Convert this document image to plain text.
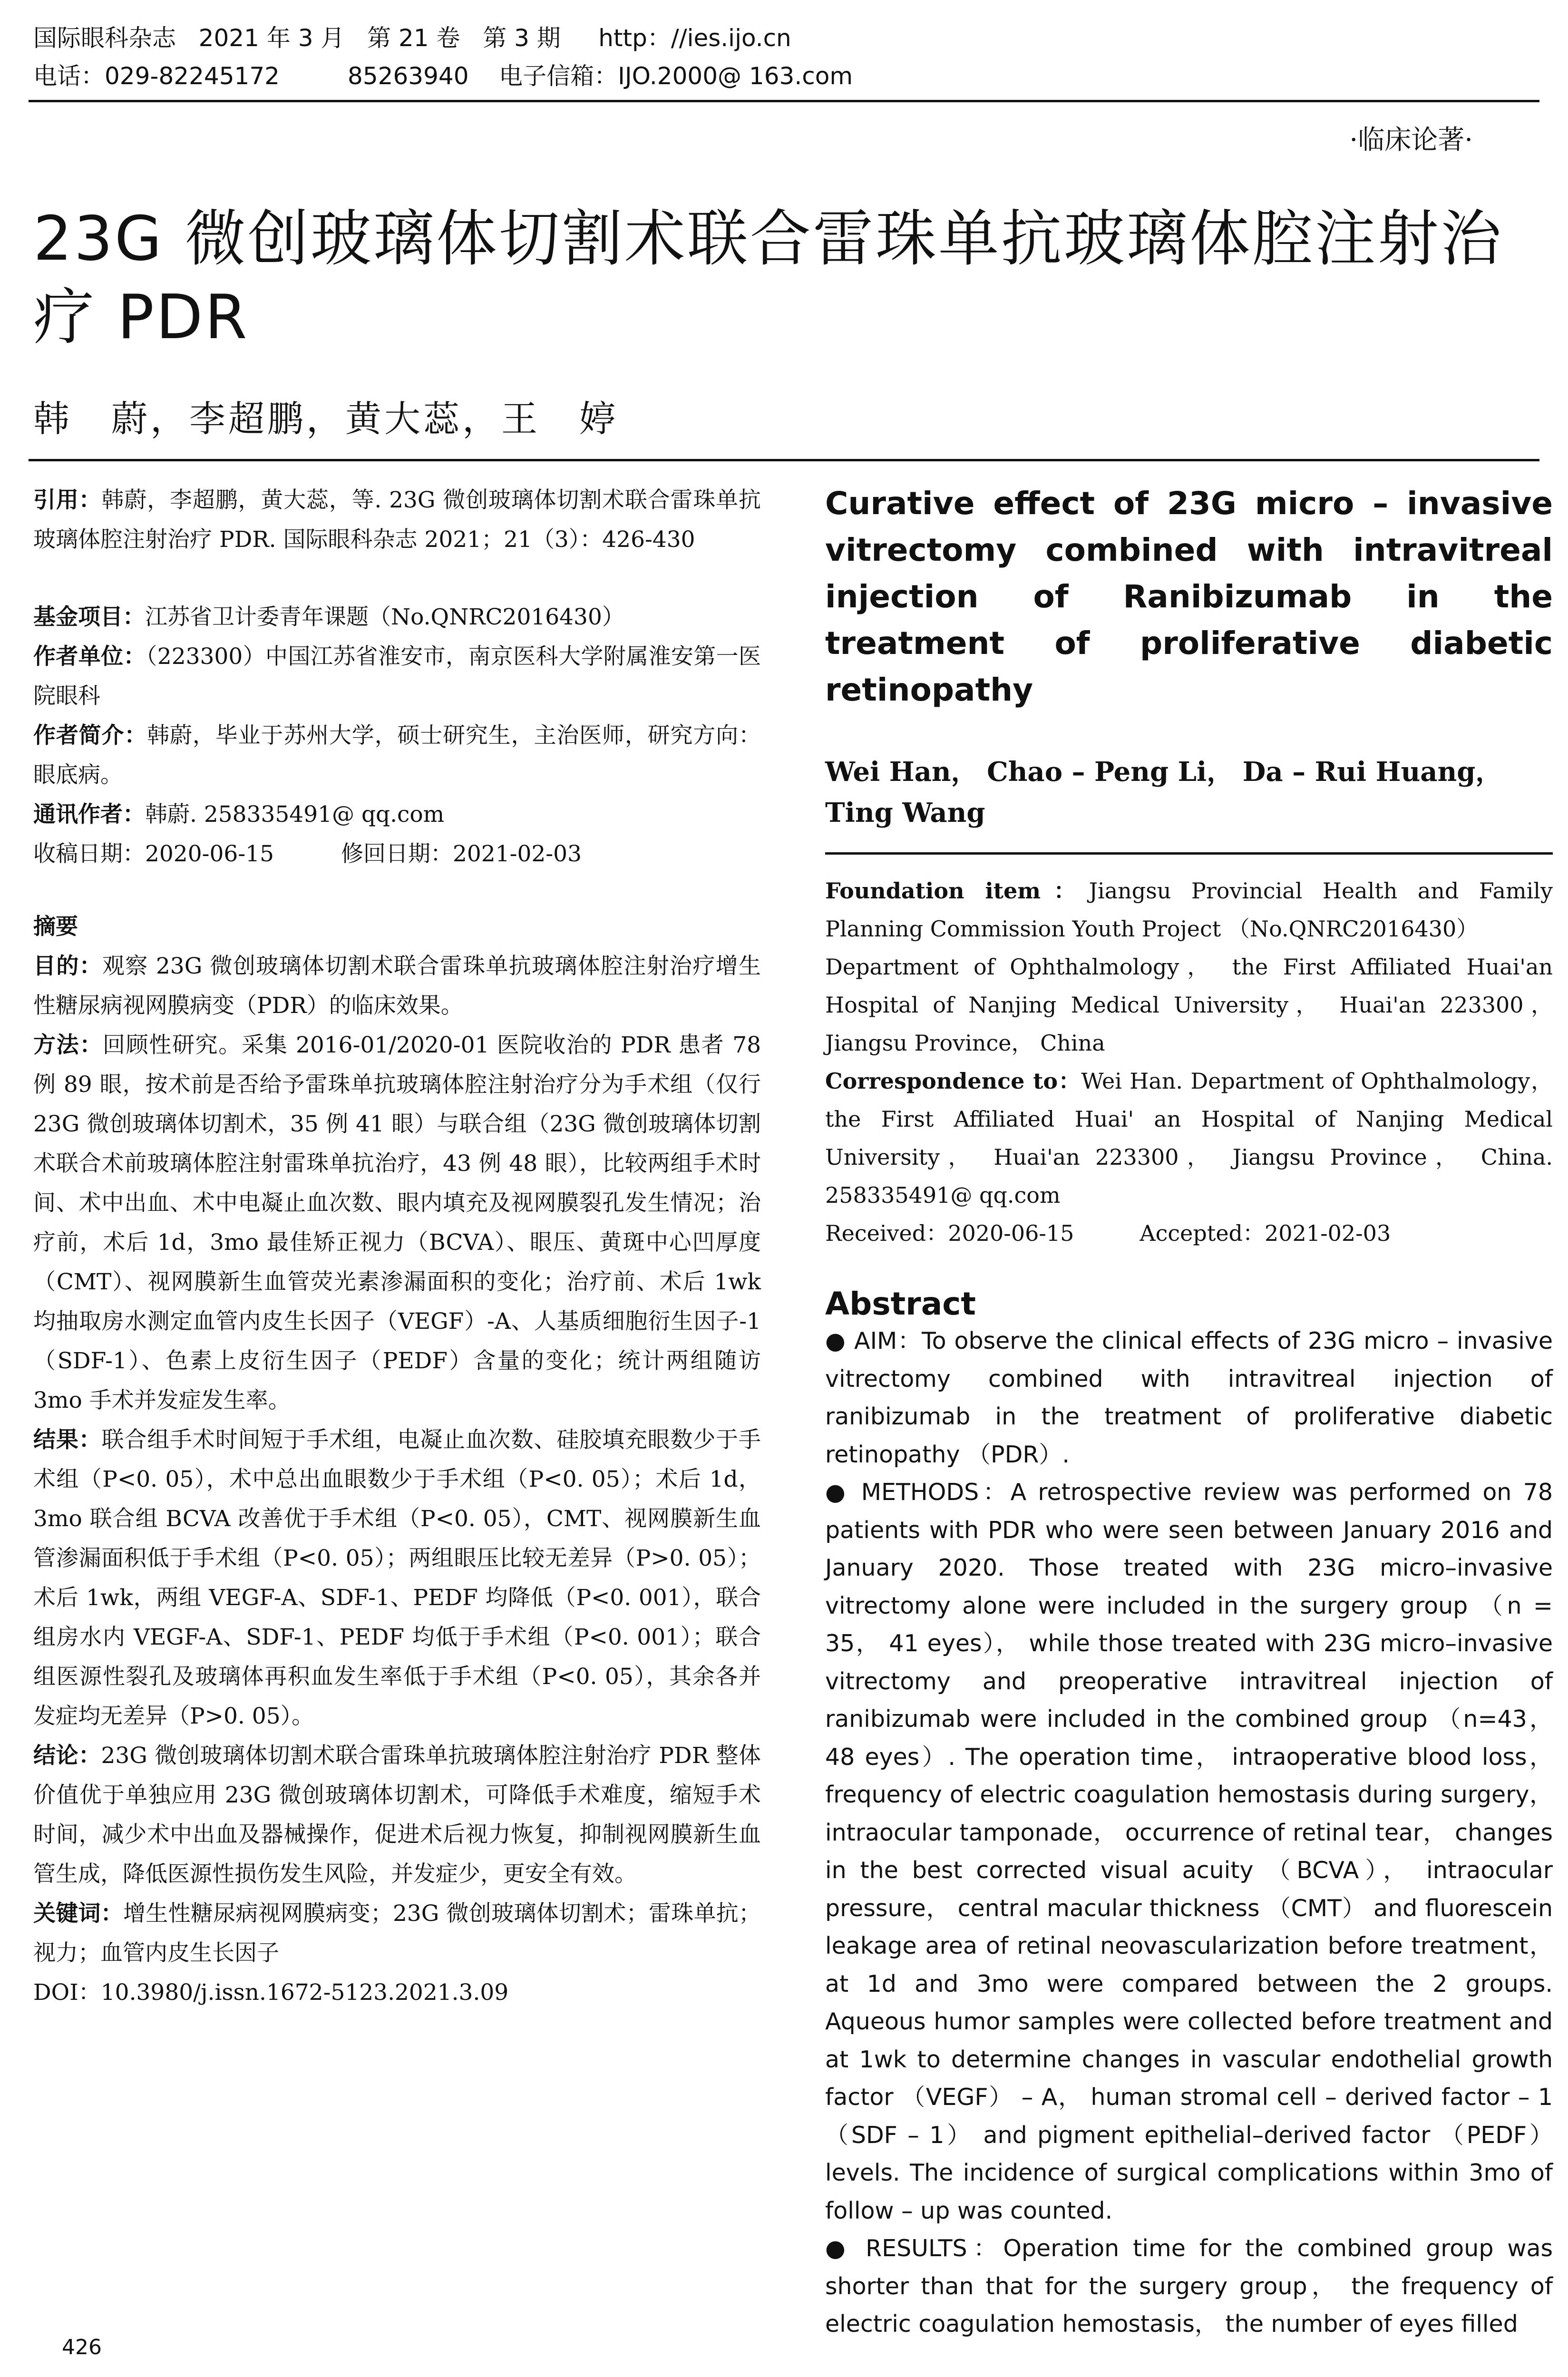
国际眼科杂志   2021 年 3 月   第 21 卷   第 3 期     http：//ies.ijo.cn
电话：029-82245172         85263940    电子信箱：IJO.2000@ 163.com
·临床论著·
23G 微创玻璃体切割术联合雷珠单抗玻璃体腔注射治疗 PDR
韩　蔚，李超鹏，黄大蕊，王　婷

引用：韩蔚，李超鹏，黄大蕊，等. 23G 微创玻璃体切割术联合雷珠单抗玻璃体腔注射治疗 PDR. 国际眼科杂志 2021；21（3）：426-430

基金项目：江苏省卫计委青年课题（No.QNRC2016430）

作者单位：（223300）中国江苏省淮安市，南京医科大学附属淮安第一医院眼科

作者简介：韩蔚，毕业于苏州大学，硕士研究生，主治医师，研究方向：眼底病。

通讯作者：韩蔚. 258335491@ qq.com

收稿日期：2020-06-15　　　修回日期：2021-02-03

摘要

目的：观察 23G 微创玻璃体切割术联合雷珠单抗玻璃体腔注射治疗增生性糖尿病视网膜病变（PDR）的临床效果。

方法：回顾性研究。采集 2016-01/2020-01 医院收治的 PDR 患者 78 例 89 眼，按术前是否给予雷珠单抗玻璃体腔注射治疗分为手术组（仅行 23G 微创玻璃体切割术，35 例 41 眼）与联合组（23G 微创玻璃体切割术联合术前玻璃体腔注射雷珠单抗治疗，43 例 48 眼），比较两组手术时间、术中出血、术中电凝止血次数、眼内填充及视网膜裂孔发生情况；治疗前，术后 1d，3mo 最佳矫正视力（BCVA）、眼压、黄斑中心凹厚度（CMT）、视网膜新生血管荧光素渗漏面积的变化；治疗前、术后 1wk 均抽取房水测定血管内皮生长因子（VEGF）-A、人基质细胞衍生因子-1（SDF-1）、色素上皮衍生因子（PEDF）含量的变化；统计两组随访 3mo 手术并发症发生率。

结果：联合组手术时间短于手术组，电凝止血次数、硅胶填充眼数少于手术组（P<0. 05），术中总出血眼数少于手术组（P<0. 05）；术后 1d，3mo 联合组 BCVA 改善优于手术组（P<0. 05），CMT、视网膜新生血管渗漏面积低于手术组（P<0. 05）；两组眼压比较无差异（P>0. 05）；术后 1wk，两组 VEGF-A、SDF-1、PEDF 均降低（P<0. 001），联合组房水内 VEGF-A、SDF-1、PEDF 均低于手术组（P<0. 001）；联合组医源性裂孔及玻璃体再积血发生率低于手术组（P<0. 05），其余各并发症均无差异（P>0. 05）。

结论：23G 微创玻璃体切割术联合雷珠单抗玻璃体腔注射治疗 PDR 整体价值优于单独应用 23G 微创玻璃体切割术，可降低手术难度，缩短手术时间，减少术中出血及器械操作，促进术后视力恢复，抑制视网膜新生血管生成，降低医源性损伤发生风险，并发症少，更安全有效。

关键词：增生性糖尿病视网膜病变；23G 微创玻璃体切割术；雷珠单抗；视力；血管内皮生长因子

DOI：10.3980/j.issn.1672-5123.2021.3.09

Curative effect of 23G micro – invasive vitrectomy combined with intravitreal injection of Ranibizumab in the treatment of proliferative diabetic retinopathy

Wei Han， Chao – Peng Li， Da – Rui Huang， Ting Wang

Foundation item：Jiangsu Provincial Health and Family Planning Commission Youth Project （No.QNRC2016430）

Department of Ophthalmology， the First Affiliated Huai'an Hospital of Nanjing Medical University， Huai'an 223300， Jiangsu Province， China

Correspondence to：Wei Han. Department of Ophthalmology， the First Affiliated Huai' an Hospital of Nanjing Medical University， Huai'an 223300， Jiangsu Province， China. 258335491@ qq.com

Received：2020-06-15　　　Accepted：2021-02-03

Abstract

● AIM：To observe the clinical effects of 23G micro – invasive vitrectomy combined with intravitreal injection of ranibizumab in the treatment of proliferative diabetic retinopathy （PDR）.

● METHODS：A retrospective review was performed on 78 patients with PDR who were seen between January 2016 and January 2020. Those treated with 23G micro–invasive vitrectomy alone were included in the surgery group （n = 35， 41 eyes）， while those treated with 23G micro–invasive vitrectomy and preoperative intravitreal injection of ranibizumab were included in the combined group （n=43， 48 eyes）. The operation time， intraoperative blood loss， frequency of electric coagulation hemostasis during surgery， intraocular tamponade， occurrence of retinal tear， changes in the best corrected visual acuity （BCVA）， intraocular pressure， central macular thickness （CMT） and fluorescein leakage area of retinal neovascularization before treatment， at 1d and 3mo were compared between the 2 groups. Aqueous humor samples were collected before treatment and at 1wk to determine changes in vascular endothelial growth factor （VEGF） – A， human stromal cell – derived factor – 1 （SDF – 1） and pigment epithelial–derived factor （PEDF） levels. The incidence of surgical complications within 3mo of follow – up was counted.

● RESULTS：Operation time for the combined group was shorter than that for the surgery group， the frequency of electric coagulation hemostasis， the number of eyes filled

426
